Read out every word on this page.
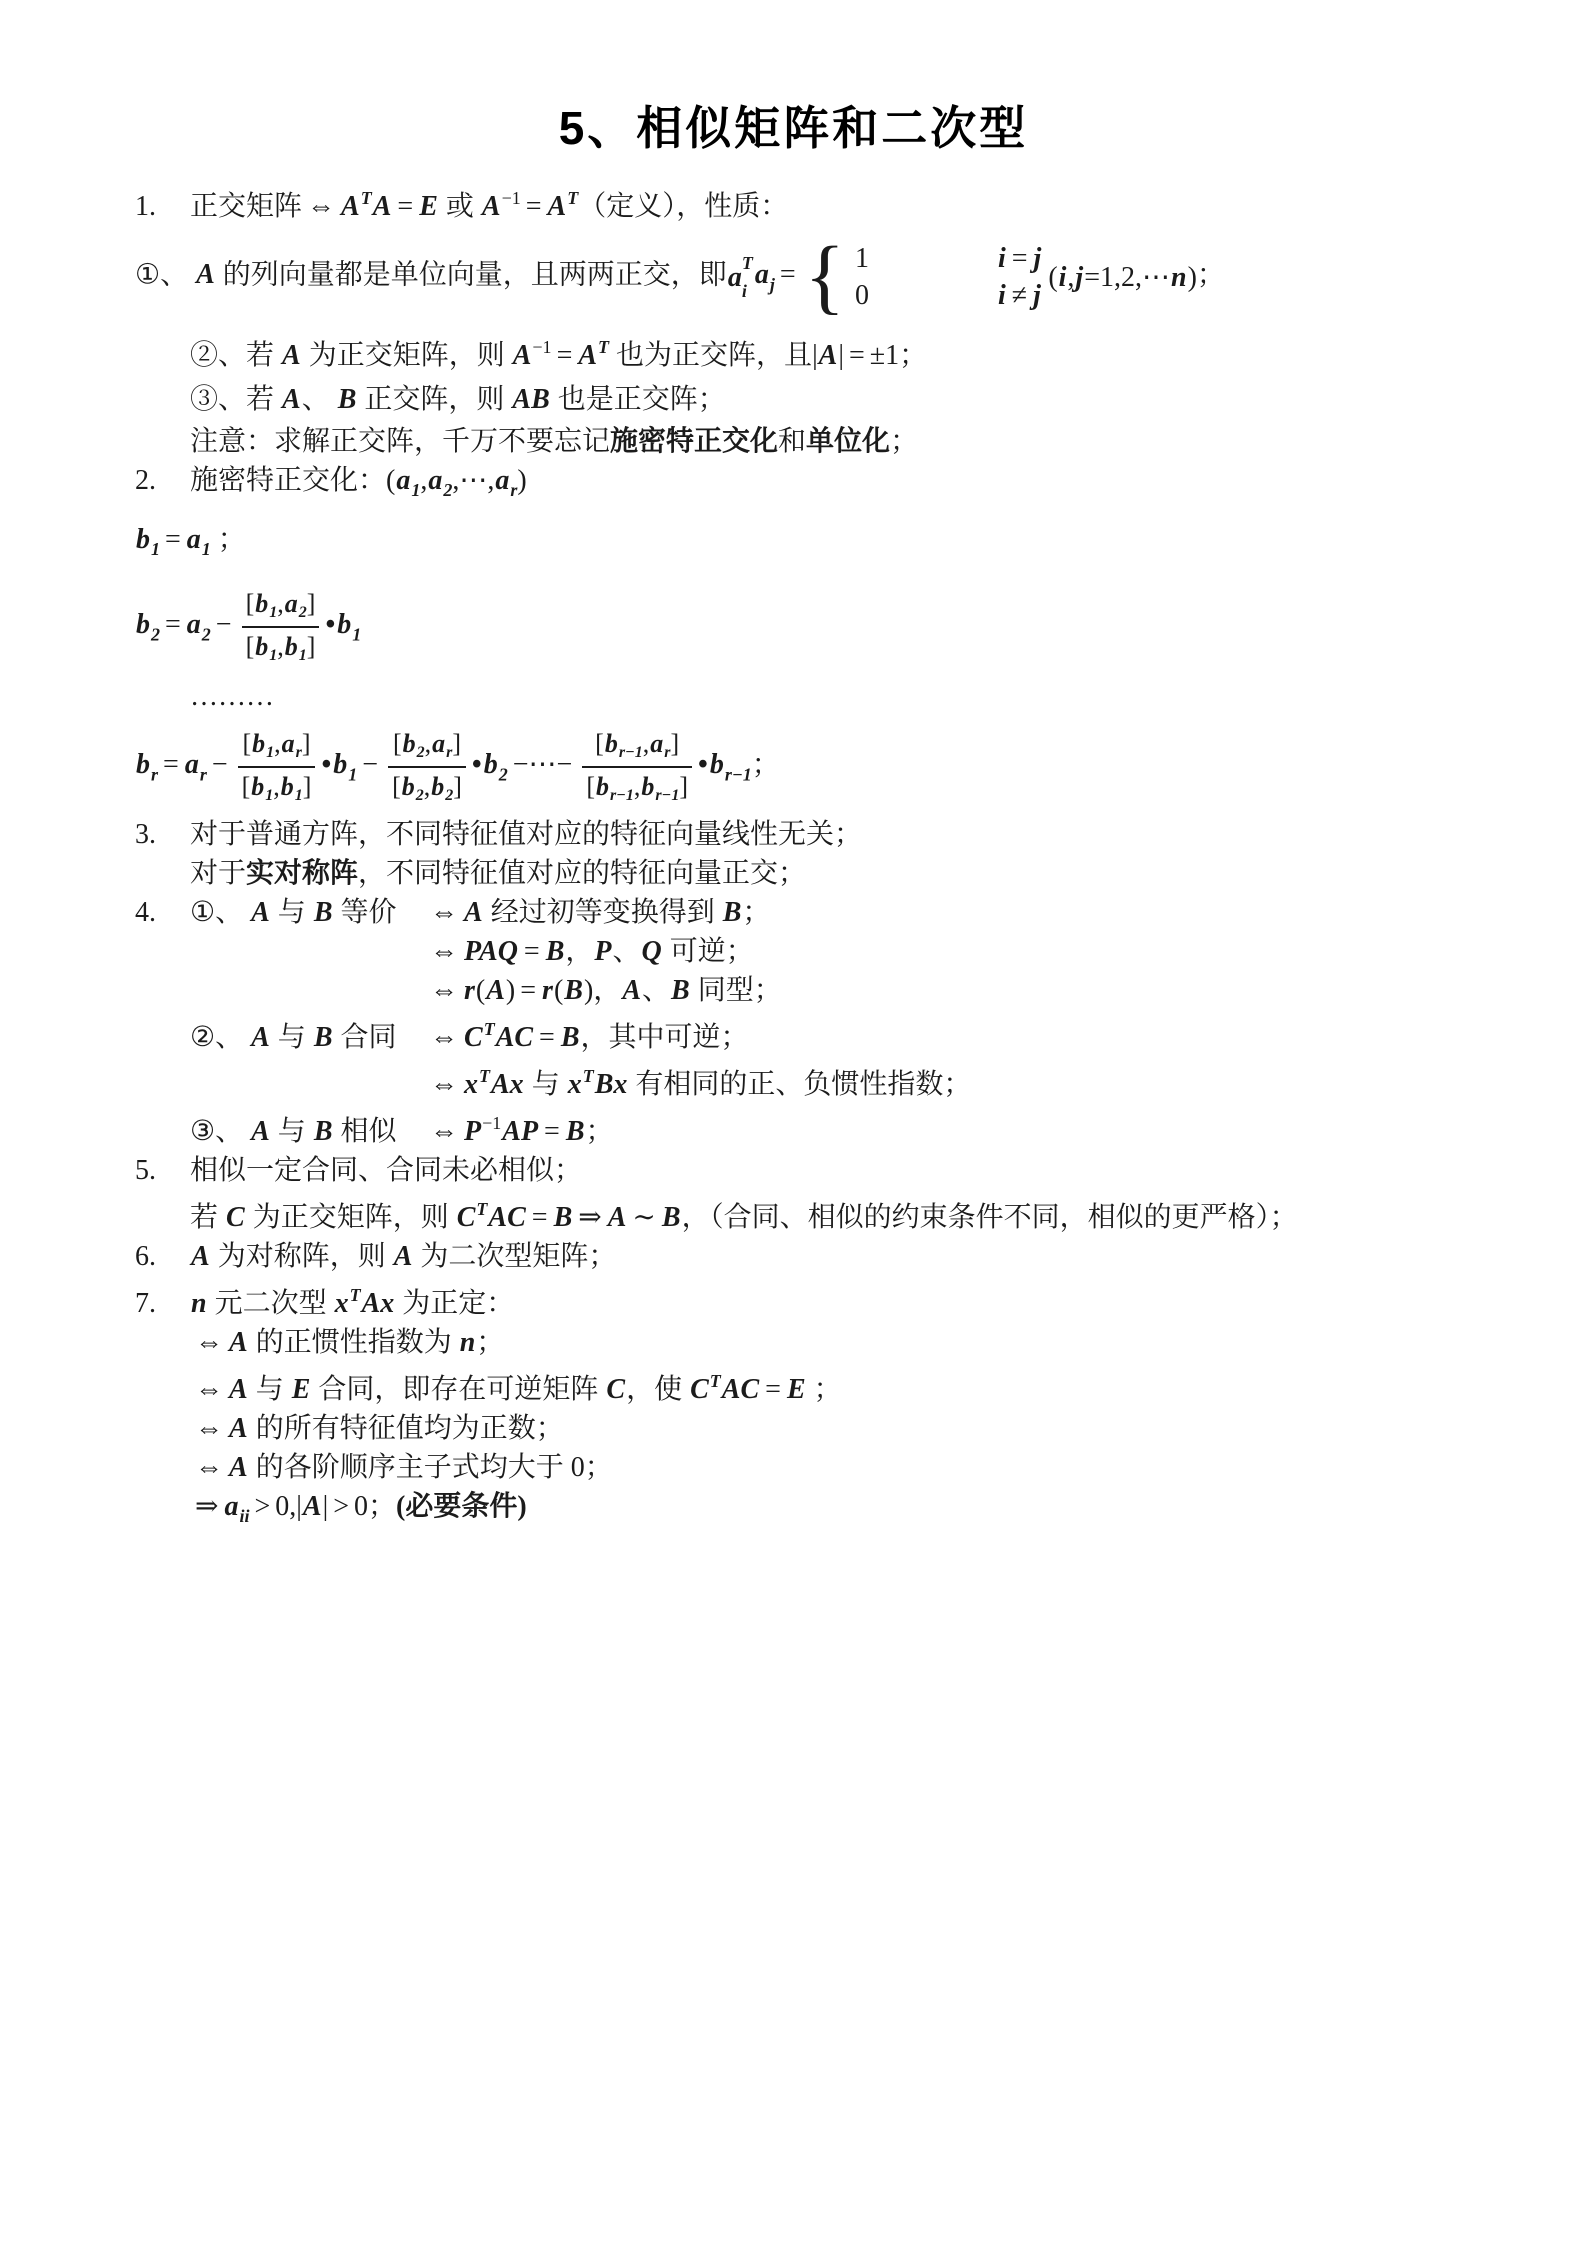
5、相似矩阵和二次型
1. 正交矩阵 ⇔ $A^TA = E$ 或 $A^{-1} = A^T$（定义），性质：
①、 A 的列向量都是单位向量，且两两正交，即 a T
i
$a_j$ = { 1
0
i = j
i ≠ j
(i,j=1,2,⋯n) ；
②、若 A 为正交矩阵，则 $A^{-1} = A^T$ 也为正交阵，且|A| = ±1；
③、若 A、 B 正交阵，则 AB 也是正交阵；
注意：求解正交阵，千万不要忘记施密特正交化和单位化；
2. 施密特正交化：$(a_1,a_2,\cdots,a_r)$
$b_1 = a_1$ ；
$b_2 = a_2 - \frac{[b_1,a_2]}{[b_1,b_1]}$ $•b_1$
………
$b_r = a_r - \frac{[b_1,a_r]}{[b_1,b_1]}$ $•b_1 - \frac{[b_2,a_r]}{[b_2,b_2]}$ $•b_2$ −⋯− $\frac{[b_{r-1},a_r]}{[b_{r-1},b_{r-1}]}$ $•b_{r-1}$；
3. 对于普通方阵，不同特征值对应的特征向量线性无关；
对于实对称阵，不同特征值对应的特征向量正交；
4. ①、 A 与 B 等价 ⇔ A 经过初等变换得到 B；
⇔ PAQ = B，P、Q 可逆；
⇔ r(A) = r(B)，A、B 同型；
②、 A 与 B 合同 ⇔ $C^TAC = B$，其中可逆；
⇔ $x^TAx$ 与 $x^TBx$ 有相同的正、负惯性指数；
③、 A 与 B 相似 ⇔ $P^{-1}AP = B$；
5. 相似一定合同、合同未必相似；
若 C 为正交矩阵，则 $C^TAC = B$ ⇒ A ∼ B，（合同、相似的约束条件不同，相似的更严格）；
6. A 为对称阵，则 A 为二次型矩阵；
7. n 元二次型 $x^TAx$ 为正定：
⇔ A 的正惯性指数为 n；
⇔ A 与 E 合同，即存在可逆矩阵 C，使 $C^TAC = E$ ；
⇔ A 的所有特征值均为正数；
⇔ A 的各阶顺序主子式均大于 0；
⇒ $a_{ii} > 0,|A| > 0$；(必要条件)
